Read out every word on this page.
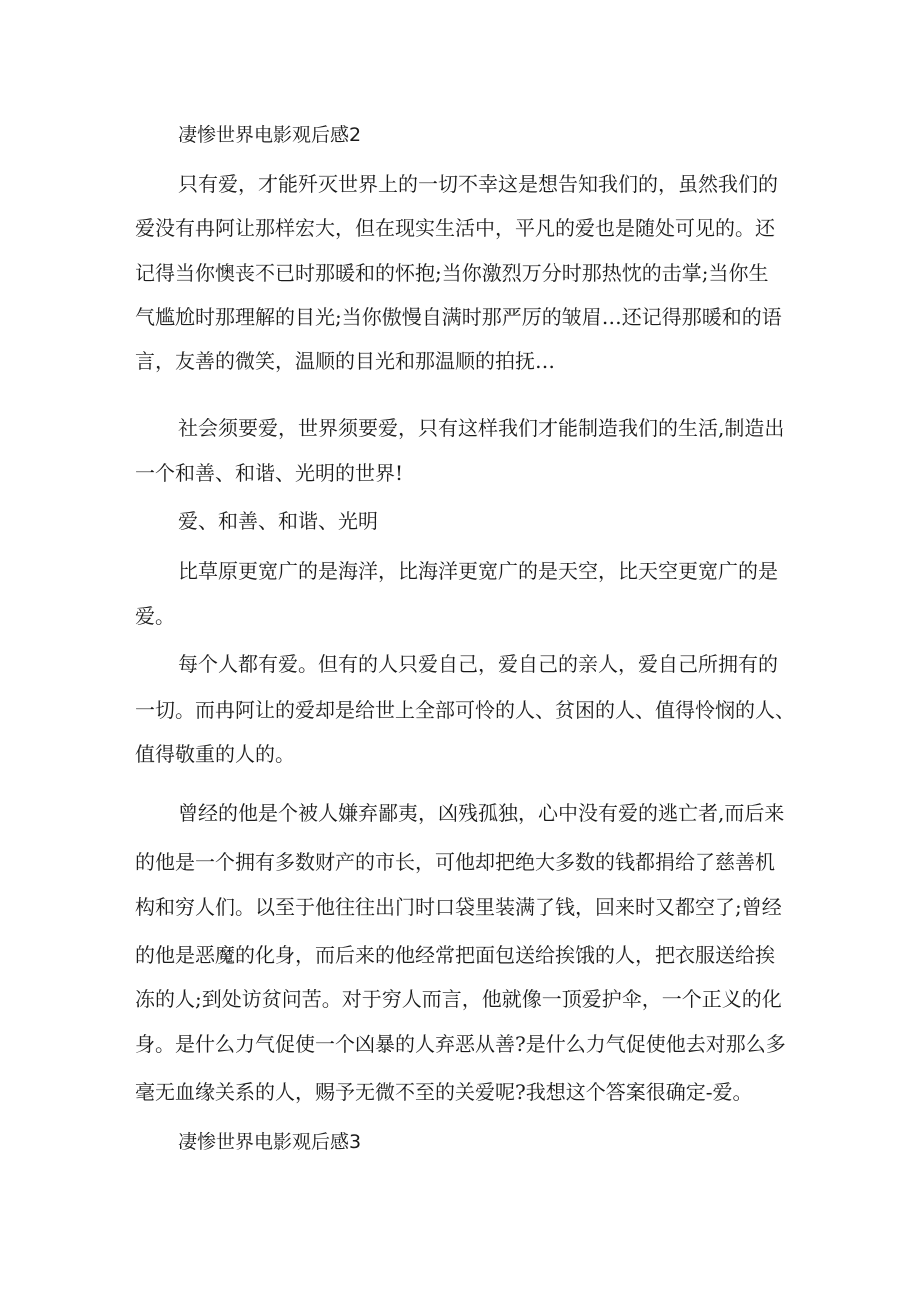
凄惨世界电影观后感2
只有爱，才能歼灭世界上的一切不幸这是想告知我们的，虽然我们的
爱没有冉阿让那样宏大，但在现实生活中，平凡的爱也是随处可见的。还
记得当你懊丧不已时那暖和的怀抱;当你激烈万分时那热忱的击掌;当你生
气尴尬时那理解的目光;当你傲慢自满时那严厉的皱眉…还记得那暖和的语
言，友善的微笑，温顺的目光和那温顺的拍抚…
社会须要爱，世界须要爱，只有这样我们才能制造我们的生活,制造出
一个和善、和谐、光明的世界!
爱、和善、和谐、光明
比草原更宽广的是海洋，比海洋更宽广的是天空，比天空更宽广的是
爱。
每个人都有爱。但有的人只爱自己，爱自己的亲人，爱自己所拥有的
一切。而冉阿让的爱却是给世上全部可怜的人、贫困的人、值得怜悯的人、
值得敬重的人的。
曾经的他是个被人嫌弃鄙夷，凶残孤独，心中没有爱的逃亡者,而后来
的他是一个拥有多数财产的市长，可他却把绝大多数的钱都捐给了慈善机
构和穷人们。以至于他往往出门时口袋里装满了钱，回来时又都空了;曾经
的他是恶魔的化身，而后来的他经常把面包送给挨饿的人，把衣服送给挨
冻的人;到处访贫问苦。对于穷人而言，他就像一顶爱护伞，一个正义的化
身。是什么力气促使一个凶暴的人弃恶从善?是什么力气促使他去对那么多
毫无血缘关系的人，赐予无微不至的关爱呢?我想这个答案很确定-爱。
凄惨世界电影观后感3
